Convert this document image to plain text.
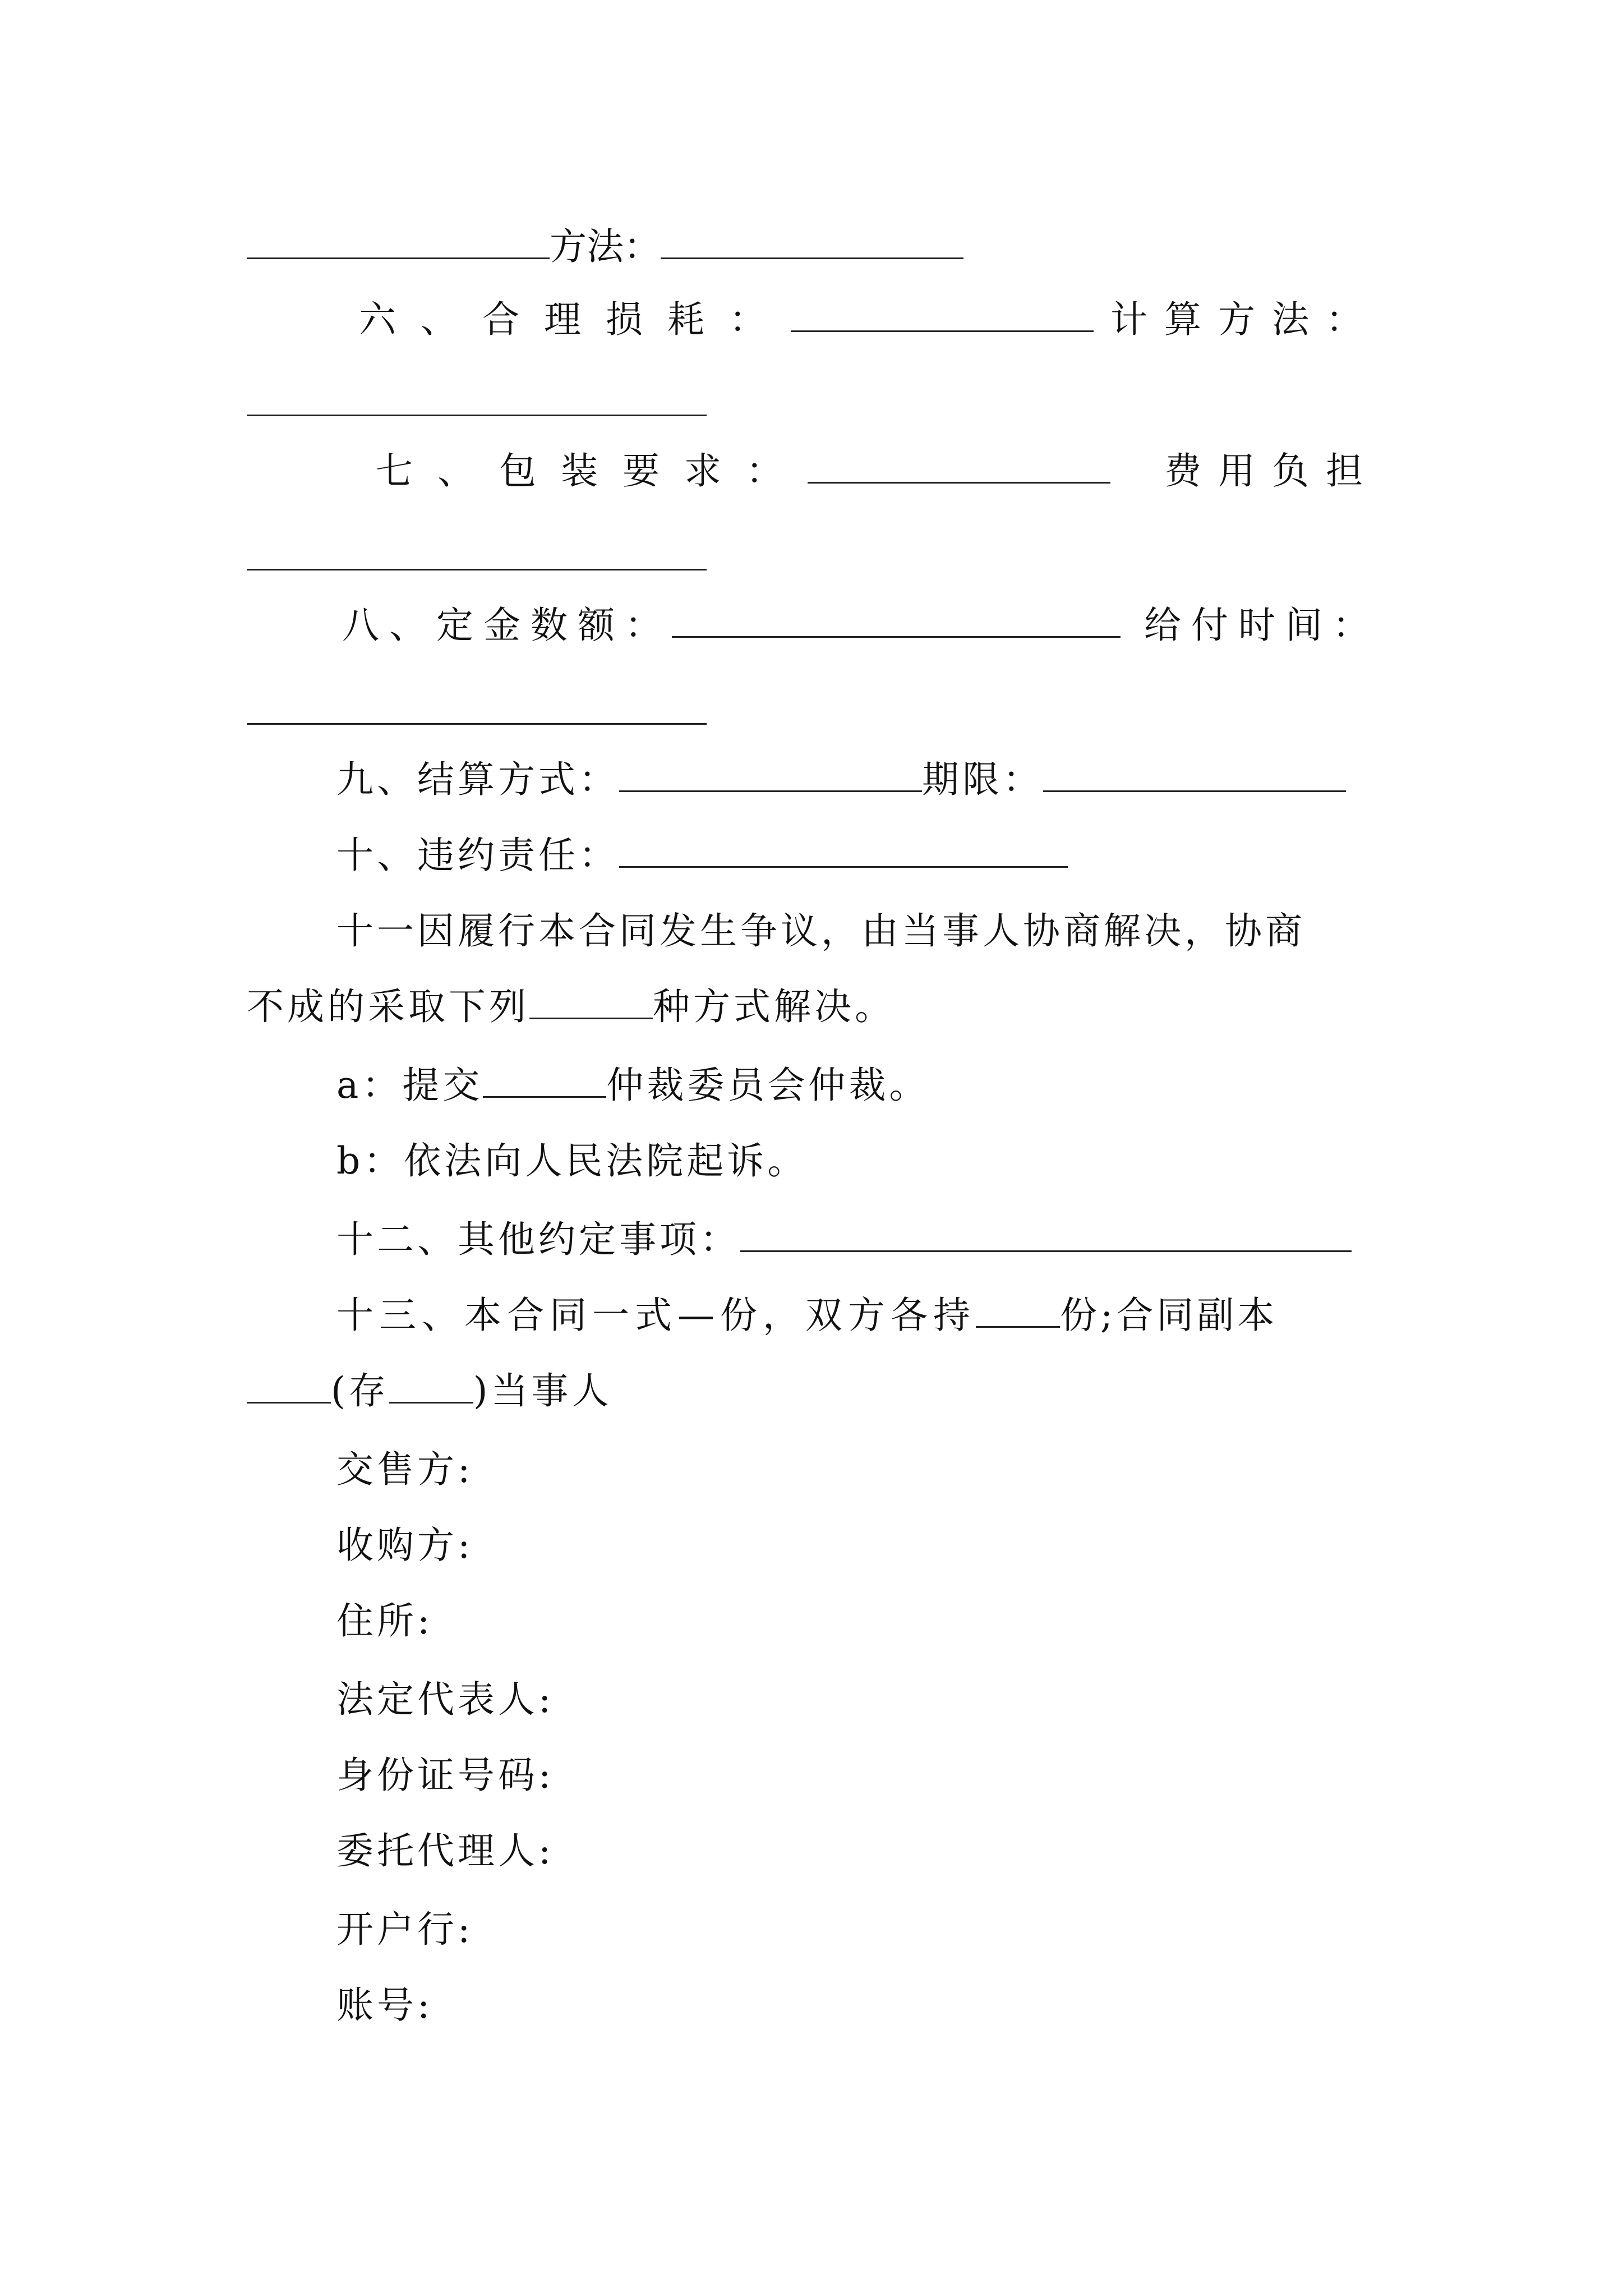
方法：
六、合理损耗：	计算方法：
七、包装要求：	费用负担
八、定金数额：	给付时间：
九、结算方式：	期限：
十、违约责任：
十一因履行本合同发生争议，由当事人协商解决，协商
不成的采取下列	种方式解决。
a：提交	仲裁委员会仲裁。
b：依法向人民法院起诉。
十二、其他约定事项：
十三、本合同一式—份，双方各持 份;合同副本
(存 )当事人
交售方:
收购方:
住所:
法定代表人:
身份证号码:
委托代理人:
开户行:
账号:
